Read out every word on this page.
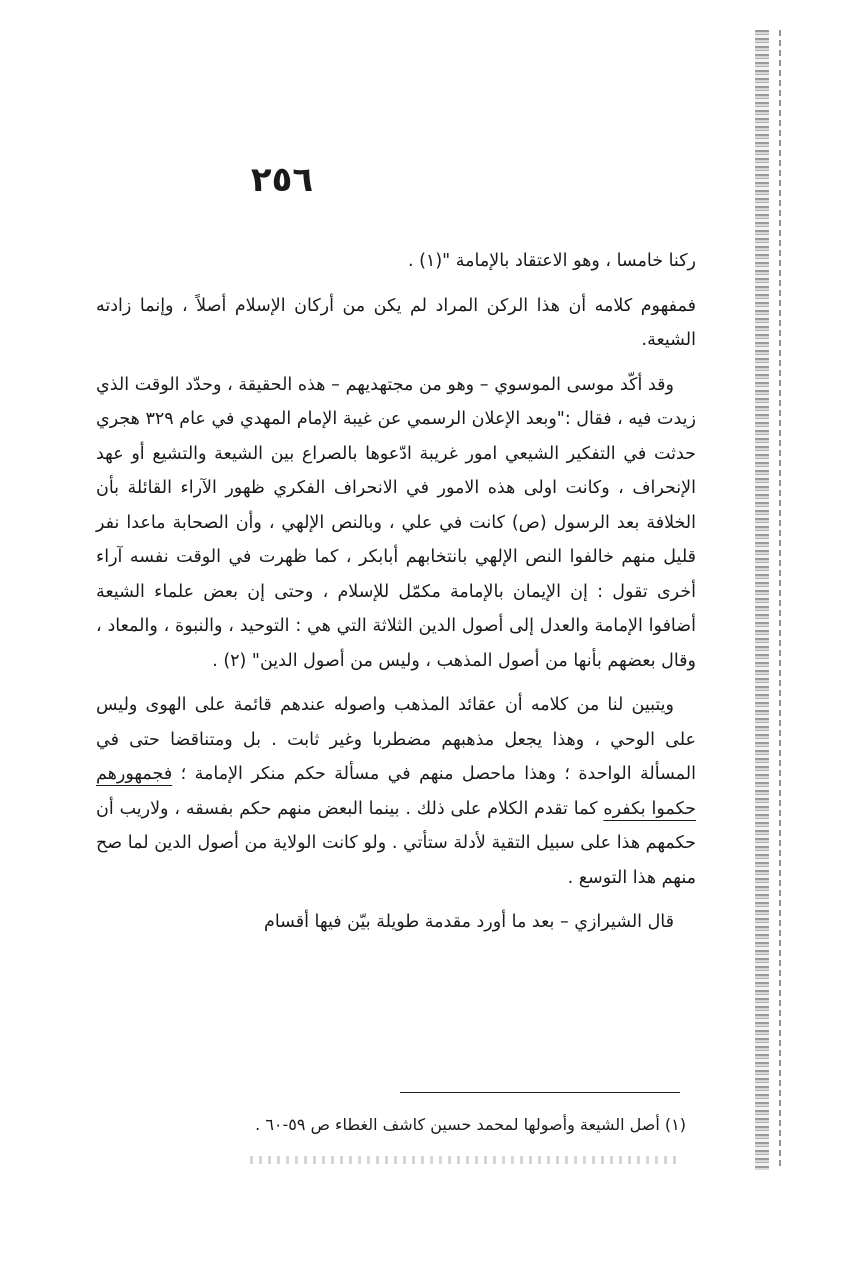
٢٥٦

ركنا خامسا ، وهو الاعتقاد بالإمامة "(١) .

فمفهوم كلامه أن هذا الركن المراد لم يكن من أركان الإسلام أصلاً ، وإنما زادته الشيعة.

وقد أكّد موسى الموسوي – وهو من مجتهديهم – هذه الحقيقة ، وحدّد الوقت الذي زيدت فيه ، فقال :"وبعد الإعلان الرسمي عن غيبة الإمام المهدي في عام ٣٢٩ هجري حدثت في التفكير الشيعي امور غريبة ادّعوها بالصراع بين الشيعة والتشيع أو عهد الإنحراف ، وكانت اولى هذه الامور في الانحراف الفكري ظهور الآراء القائلة بأن الخلافة بعد الرسول (ص) كانت في علي ، وبالنص الإلهي ، وأن الصحابة ماعدا نفر قليل منهم خالفوا النص الإلهي بانتخابهم أبابكر ، كما ظهرت في الوقت نفسه آراء أخرى تقول : إن الإيمان بالإمامة مكمّل للإسلام ، وحتى إن بعض علماء الشيعة أضافوا الإمامة والعدل إلى أصول الدين الثلاثة التي هي : التوحيد ، والنبوة ، والمعاد ، وقال بعضهم بأنها من أصول المذهب ، وليس من أصول الدين" (٢) .

ويتبين لنا من كلامه أن عقائد المذهب واصوله عندهم قائمة على الهوى وليس على الوحي ، وهذا يجعل مذهبهم مضطربا وغير ثابت . بل ومتناقضا حتى في المسألة الواحدة ؛ وهذا ماحصل منهم في مسألة حكم منكر الإمامة ؛ فجمهورهم حكموا بكفره كما تقدم الكلام على ذلك . بينما البعض منهم حكم بفسقه ، ولاريب أن حكمهم هذا على سبيل التقية لأدلة ستأتي . ولو كانت الولاية من أصول الدين لما صح منهم هذا التوسع .

قال الشيرازي – بعد ما أورد مقدمة طويلة بيّن فيها أقسام

(١) أصل الشيعة وأصولها لمحمد حسين كاشف الغطاء ص ٥٩-٦٠ .
